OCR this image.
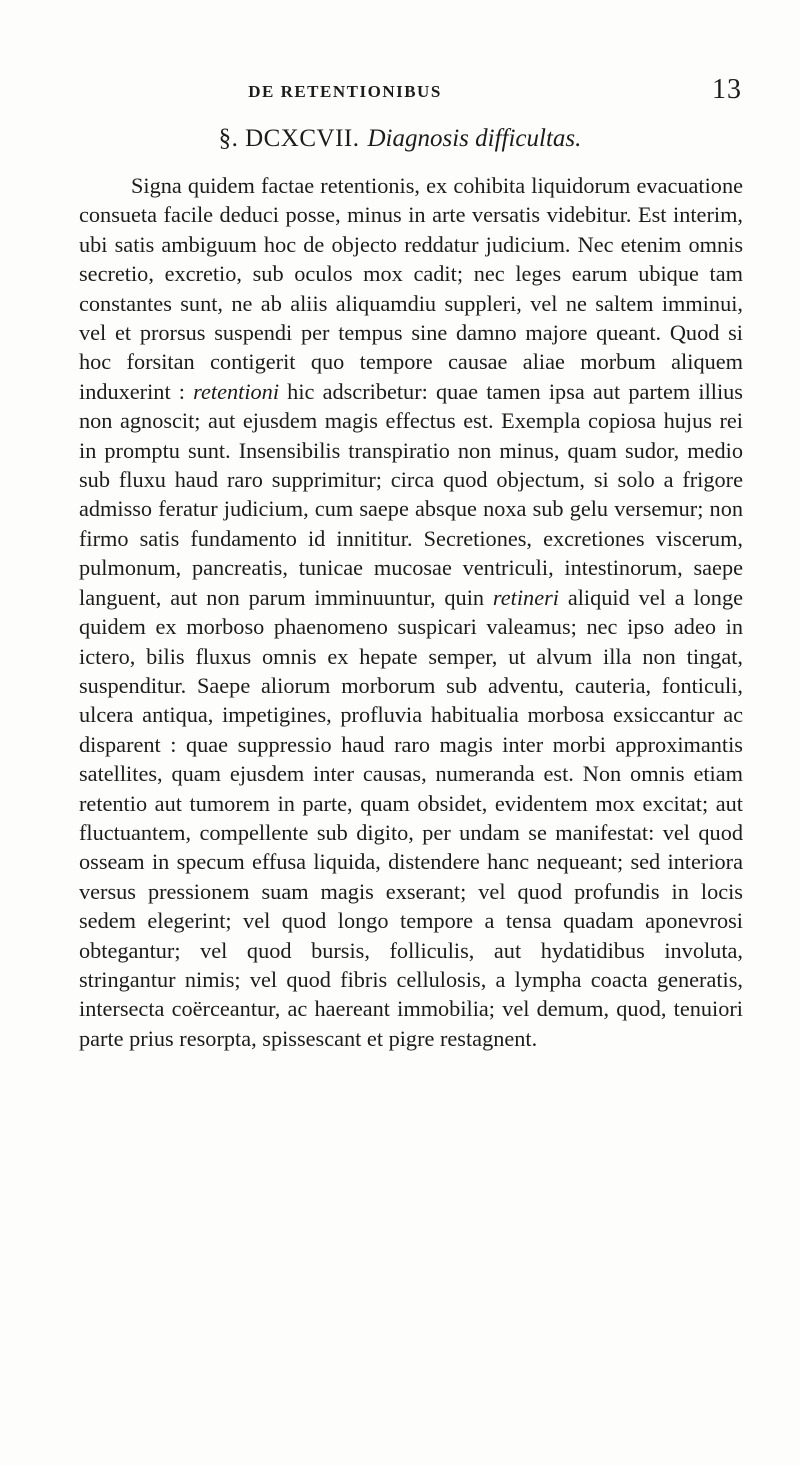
DE RETENTIONIBUS	13
§. DCXCVII. Diagnosis difficultas.

Signa quidem factae retentionis, ex cohibita liquidorum evacuatione consueta facile deduci posse, minus in arte versatis videbitur. Est interim, ubi satis ambiguum hoc de objecto reddatur judicium. Nec etenim omnis secretio, excretio, sub oculos mox cadit; nec leges earum ubique tam constantes sunt, ne ab aliis aliquamdiu suppleri, vel ne saltem imminui, vel et prorsus suspendi per tempus sine damno majore queant. Quod si hoc forsitan contigerit quo tempore causae aliae morbum aliquem induxerint : retentioni hic adscribetur: quae tamen ipsa aut partem illius non agnoscit; aut ejusdem magis effectus est. Exempla copiosa hujus rei in promptu sunt. Insensibilis transpiratio non minus, quam sudor, medio sub fluxu haud raro supprimitur; circa quod objectum, si solo a frigore admisso feratur judicium, cum saepe absque noxa sub gelu versemur; non firmo satis fundamento id innititur. Secretiones, excretiones viscerum, pulmonum, pancreatis, tunicae mucosae ventriculi, intestinorum, saepe languent, aut non parum imminuuntur, quin retineri aliquid vel a longe quidem ex morboso phaenomeno suspicari valeamus; nec ipso adeo in ictero, bilis fluxus omnis ex hepate semper, ut alvum illa non tingat, suspenditur. Saepe aliorum morborum sub adventu, cauteria, fonticuli, ulcera antiqua, impetigines, profluvia habitualia morbosa exsiccantur ac disparent : quae suppressio haud raro magis inter morbi approximantis satellites, quam ejusdem inter causas, numeranda est. Non omnis etiam retentio aut tumorem in parte, quam obsidet, evidentem mox excitat; aut fluctuantem, compellente sub digito, per undam se manifestat: vel quod osseam in specum effusa liquida, distendere hanc nequeant; sed interiora versus pressionem suam magis exserant; vel quod profundis in locis sedem elegerint; vel quod longo tempore a tensa quadam aponevrosi obtegantur; vel quod bursis, folliculis, aut hydatidibus involuta, stringantur nimis; vel quod fibris cellulosis, a lympha coacta generatis, intersecta coërceantur, ac haereant immobilia; vel demum, quod, tenuiori parte prius resorpta, spissescant et pigre restagnent.
